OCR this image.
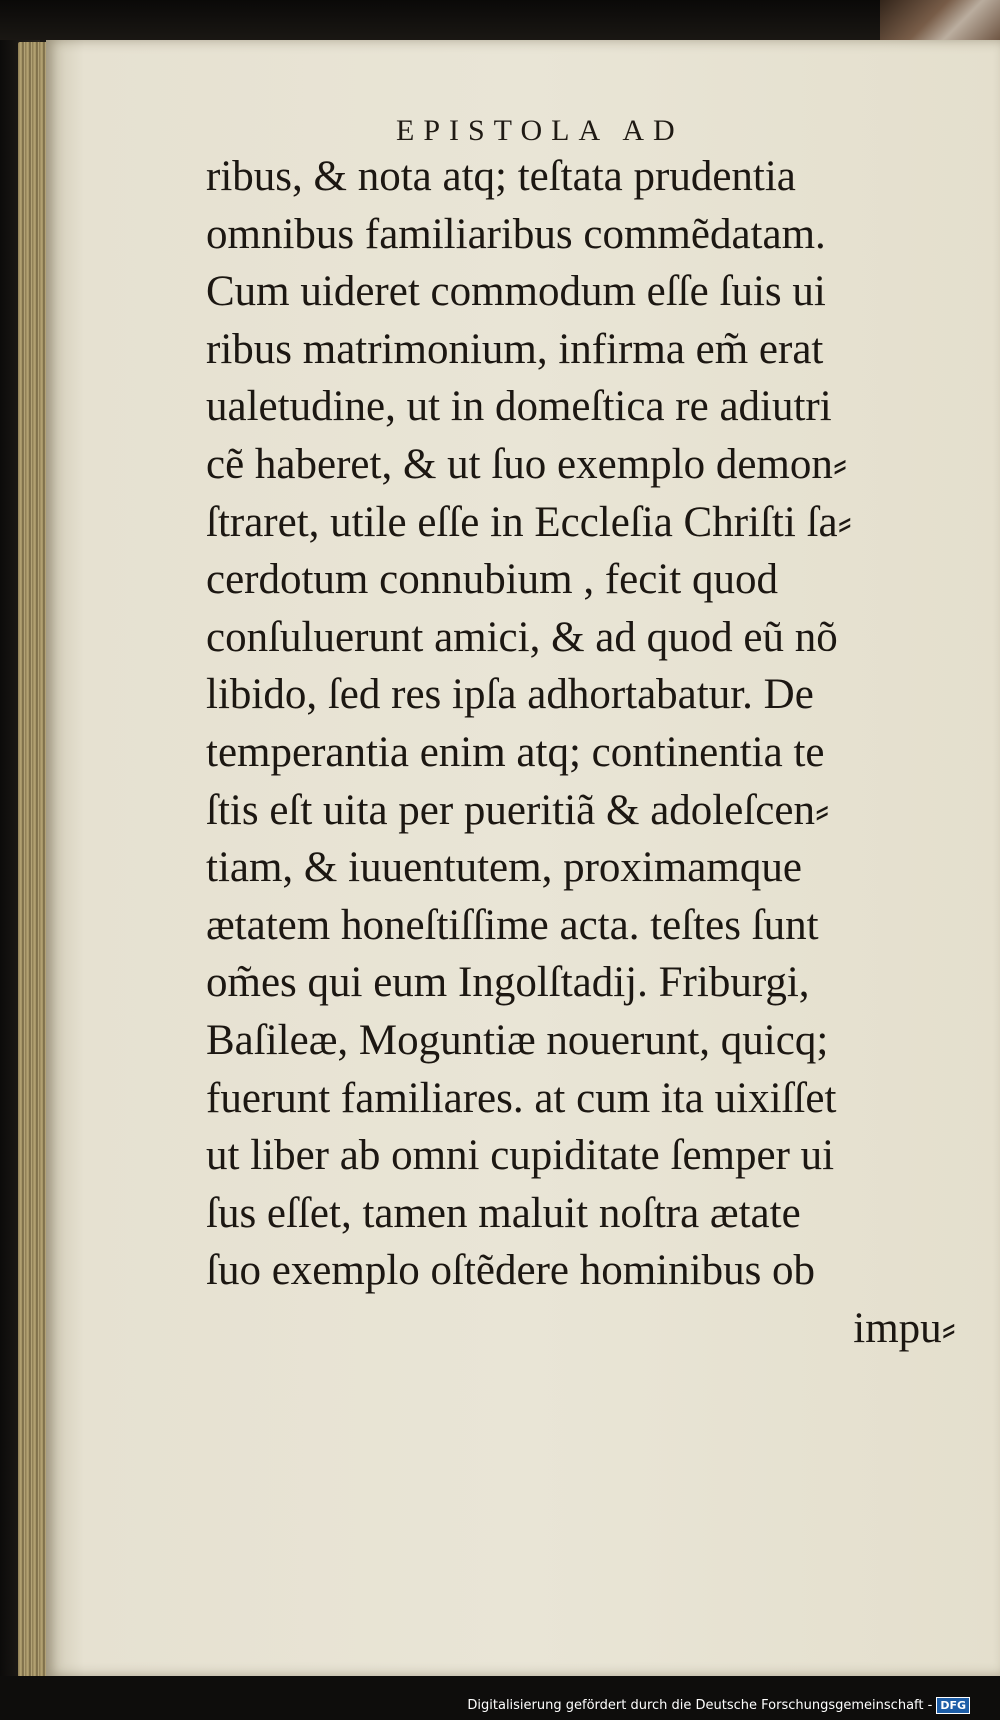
EPISTOLA AD
ribus, & nota atq; teſtata prudentia
omnibus familiaribus commẽdatam.
Cum uideret commodum eſſe ſuis ui
ribus matrimonium, infirma em̃ erat
ualetudine, ut in domeſtica re adiutri
cẽ haberet, & ut ſuo exemplo demon⸗
ſtraret, utile eſſe in Eccleſia Chriſti ſa⸗
cerdotum connubium , fecit quod
conſuluerunt amici, & ad quod eũ nõ
libido, ſed res ipſa adhortabatur. De
temperantia enim atq; continentia te
ſtis eſt uita per pueritiã & adoleſcen⸗
tiam, & iuuentutem, proximamque
ætatem honeſtiſſime acta. teſtes ſunt
om̃es qui eum Ingolſtadij. Friburgi,
Baſileæ, Moguntiæ nouerunt, quicq;
fuerunt familiares. at cum ita uixiſſet
ut liber ab omni cupiditate ſemper ui
ſus eſſet, tamen maluit noſtra ætate
ſuo exemplo oſtẽdere hominibus ob
impu⸗
Digitalisierung gefördert durch die Deutsche Forschungsgemeinschaft - DFG
